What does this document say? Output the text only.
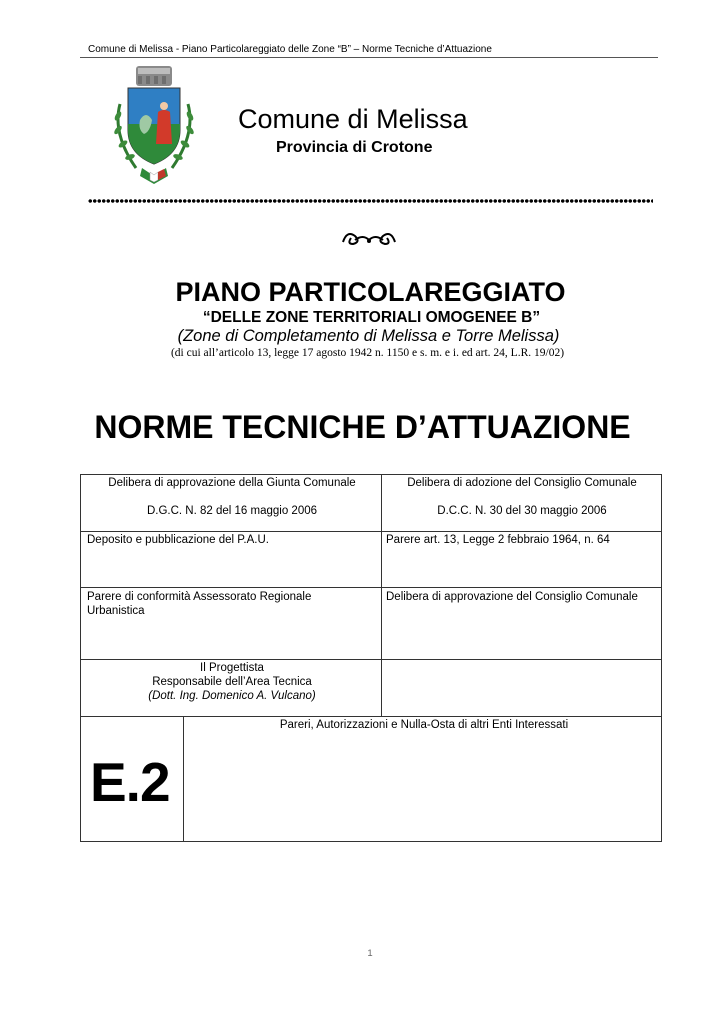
Comune di Melissa - Piano Particolareggiato delle Zone “B” – Norme Tecniche d’Attuazione
Comune di Melissa
Provincia di Crotone
PIANO PARTICOLAREGGIATO
“DELLE ZONE TERRITORIALI OMOGENEE B”
(Zone di Completamento di Melissa e Torre Melissa)
(di cui all’articolo 13, legge 17 agosto 1942 n. 1150 e s. m. e i. ed art. 24, L.R. 19/02)
NORME TECNICHE D’ATTUAZIONE
Delibera di approvazione della Giunta Comunale
D.G.C. N. 82 del 16 maggio 2006
Delibera di adozione del Consiglio Comunale
D.C.C. N. 30 del 30 maggio 2006
Deposito e pubblicazione del P.A.U.	Parere art. 13, Legge 2 febbraio 1964, n. 64
Parere di conformità Assessorato Regionale
Urbanistica
Delibera di approvazione del Consiglio Comunale
Il Progettista
Responsabile dell’Area Tecnica
(Dott. Ing. Domenico A. Vulcano)
Pareri, Autorizzazioni e Nulla-Osta di altri Enti Interessati
E.2
1
